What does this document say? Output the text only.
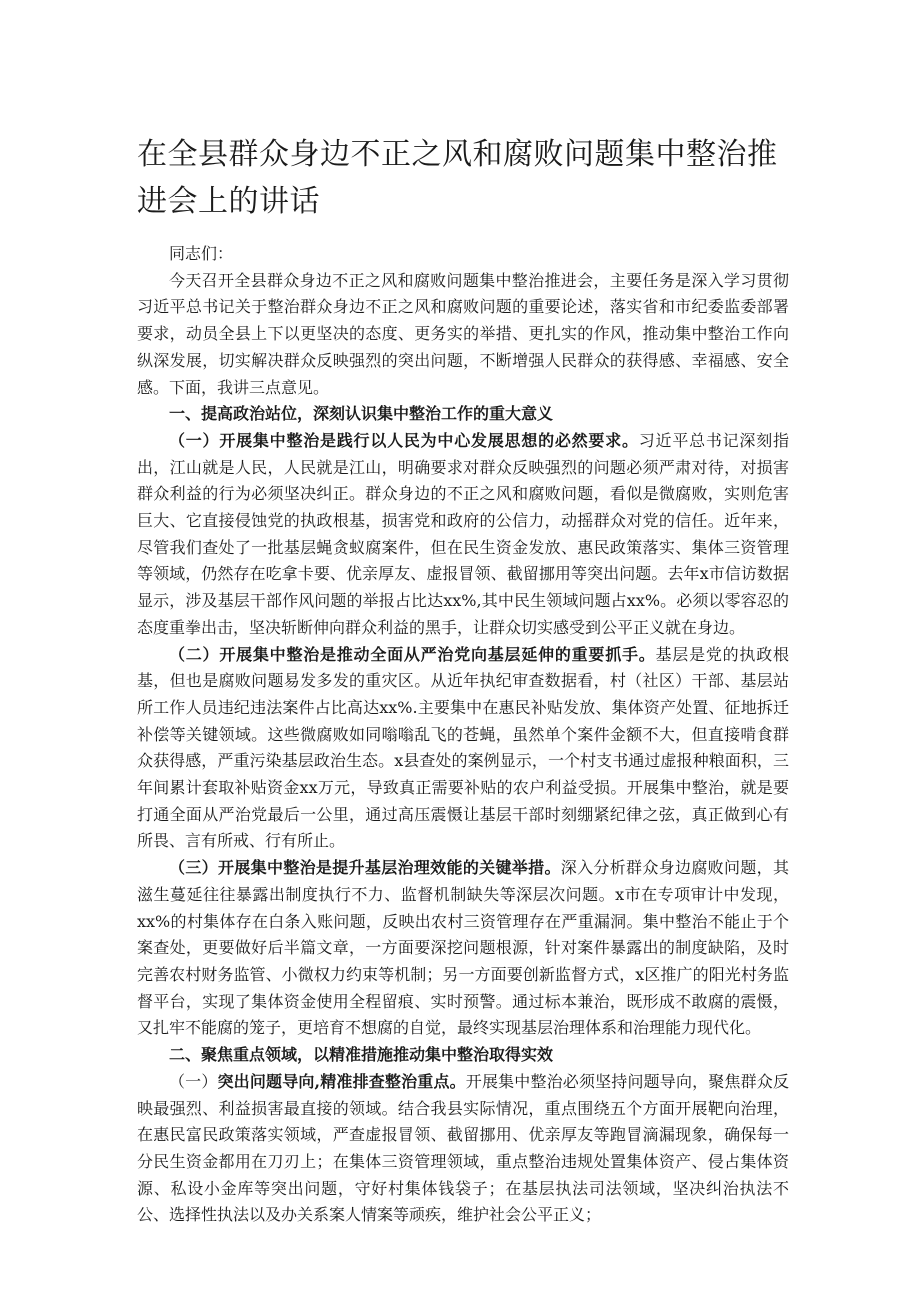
在全县群众身边不正之风和腐败问题集中整治推进会上的讲话

同志们：

今天召开全县群众身边不正之风和腐败问题集中整治推进会，主要任务是深入学习贯彻习近平总书记关于整治群众身边不正之风和腐败问题的重要论述，落实省和市纪委监委部署要求，动员全县上下以更坚决的态度、更务实的举措、更扎实的作风，推动集中整治工作向纵深发展，切实解决群众反映强烈的突出问题，不断增强人民群众的获得感、幸福感、安全感。下面，我讲三点意见。

一、提高政治站位，深刻认识集中整治工作的重大意义

（一）开展集中整治是践行以人民为中心发展思想的必然要求。习近平总书记深刻指出，江山就是人民，人民就是江山，明确要求对群众反映强烈的问题必须严肃对待，对损害群众利益的行为必须坚决纠正。群众身边的不正之风和腐败问题，看似是微腐败，实则危害巨大、它直接侵蚀党的执政根基，损害党和政府的公信力，动摇群众对党的信任。近年来，尽管我们查处了一批基层蝇贪蚁腐案件，但在民生资金发放、惠民政策落实、集体三资管理等领域，仍然存在吃拿卡要、优亲厚友、虚报冒领、截留挪用等突出问题。去年x市信访数据显示，涉及基层干部作风问题的举报占比达xx%,其中民生领域问题占xx%。必须以零容忍的态度重拳出击，坚决斩断伸向群众利益的黑手，让群众切实感受到公平正义就在身边。

（二）开展集中整治是推动全面从严治党向基层延伸的重要抓手。基层是党的执政根基，但也是腐败问题易发多发的重灾区。从近年执纪审查数据看，村（社区）干部、基层站所工作人员违纪违法案件占比高达xx%.主要集中在惠民补贴发放、集体资产处置、征地拆迁补偿等关键领域。这些微腐败如同嗡嗡乱飞的苍蝇，虽然单个案件金额不大，但直接啃食群众获得感，严重污染基层政治生态。x县查处的案例显示，一个村支书通过虚报种粮面积，三年间累计套取补贴资金xx万元，导致真正需要补贴的农户利益受损。开展集中整治，就是要打通全面从严治党最后一公里，通过高压震慑让基层干部时刻绷紧纪律之弦，真正做到心有所畏、言有所戒、行有所止。

（三）开展集中整治是提升基层治理效能的关键举措。深入分析群众身边腐败问题，其滋生蔓延往往暴露出制度执行不力、监督机制缺失等深层次问题。x市在专项审计中发现，xx%的村集体存在白条入账问题，反映出农村三资管理存在严重漏洞。集中整治不能止于个案查处，更要做好后半篇文章，一方面要深挖问题根源，针对案件暴露出的制度缺陷，及时完善农村财务监管、小微权力约束等机制；另一方面要创新监督方式，x区推广的阳光村务监督平台，实现了集体资金使用全程留痕、实时预警。通过标本兼治，既形成不敢腐的震慑，又扎牢不能腐的笼子，更培育不想腐的自觉，最终实现基层治理体系和治理能力现代化。

二、聚焦重点领域，以精准措施推动集中整治取得实效

（一）突出问题导向,精准排查整治重点。开展集中整治必须坚持问题导向，聚焦群众反映最强烈、利益损害最直接的领域。结合我县实际情况，重点围绕五个方面开展靶向治理，在惠民富民政策落实领域，严查虚报冒领、截留挪用、优亲厚友等跑冒滴漏现象，确保每一分民生资金都用在刀刃上；在集体三资管理领域，重点整治违规处置集体资产、侵占集体资源、私设小金库等突出问题，守好村集体钱袋子；在基层执法司法领域，坚决纠治执法不公、选择性执法以及办关系案人情案等顽疾，维护社会公平正义；
